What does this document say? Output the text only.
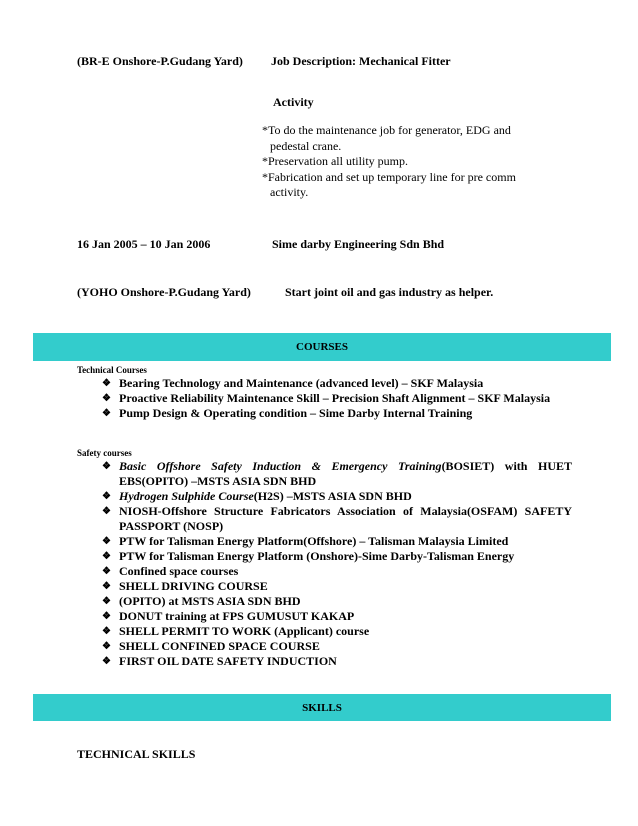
(BR-E Onshore-P.Gudang Yard) Job Description: Mechanical Fitter
Activity
*To do the maintenance job for generator, EDG and
pedestal crane.
*Preservation all utility pump.
*Fabrication and set up temporary line for pre comm
activity.
16 Jan 2005 – 10 Jan 2006	Sime darby Engineering Sdn Bhd
(YOHO Onshore-P.Gudang Yard)	Start joint oil and gas industry as helper.
COURSES
Technical Courses
❖ Bearing Technology and Maintenance (advanced level) – SKF Malaysia
❖ Proactive Reliability Maintenance Skill – Precision Shaft Alignment – SKF Malaysia
❖ Pump Design & Operating condition – Sime Darby Internal Training
Safety courses
❖ Basic Offshore Safety Induction & Emergency Training(BOSIET) with HUET EBS(OPITO) –MSTS ASIA SDN BHD
❖ Hydrogen Sulphide Course(H2S) –MSTS ASIA SDN BHD
❖ NIOSH-Offshore Structure Fabricators Association of Malaysia(OSFAM) SAFETY PASSPORT (NOSP)
❖ PTW for Talisman Energy Platform(Offshore) – Talisman Malaysia Limited
❖ PTW for Talisman Energy Platform (Onshore)-Sime Darby-Talisman Energy
❖ Confined space courses
❖ SHELL DRIVING COURSE
❖ (OPITO) at MSTS ASIA SDN BHD
❖ DONUT training at FPS GUMUSUT KAKAP
❖ SHELL PERMIT TO WORK (Applicant) course
❖ SHELL CONFINED SPACE COURSE
❖ FIRST OIL DATE SAFETY INDUCTION
SKILLS
TECHNICAL SKILLS
